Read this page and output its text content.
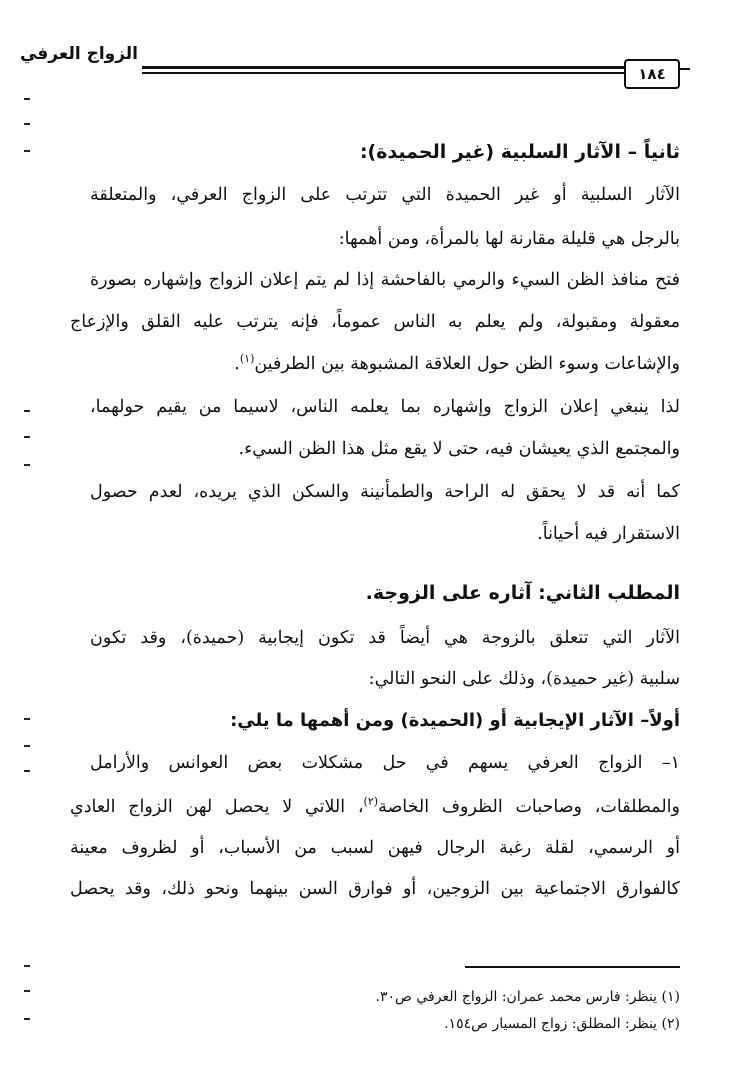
١٨٤
الزواج العرفي
ثانياً – الآثار السلبية (غير الحميدة):
الآثار السلبية أو غير الحميدة التي تترتب على الزواج العرفي، والمتعلقة
بالرجل هي قليلة مقارنة لها بالمرأة، ومن أهمها:
فتح منافذ الظن السيء والرمي بالفاحشة إذا لم يتم إعلان الزواج وإشهاره بصورة
معقولة ومقبولة، ولم يعلم به الناس عموماً، فإنه يترتب عليه القلق والإزعاج
والإشاعات وسوء الظن حول العلاقة المشبوهة بين الطرفين$^{(١)}$.
لذا ينبغي إعلان الزواج وإشهاره بما يعلمه الناس، لاسيما من يقيم حولهما،
والمجتمع الذي يعيشان فيه، حتى لا يقع مثل هذا الظن السيء.
كما أنه قد لا يحقق له الراحة والطمأنينة والسكن الذي يريده، لعدم حصول
الاستقرار فيه أحياناً.
المطلب الثاني: آثاره على الزوجة.
الآثار التي تتعلق بالزوجة هي أيضاً قد تكون إيجابية (حميدة)، وقد تكون
سلبية (غير حميدة)، وذلك على النحو التالي:
أولاً– الآثار الإيجابية أو (الحميدة) ومن أهمها ما يلي:
١– الزواج العرفي يسهم في حل مشكلات بعض العوانس والأرامل
والمطلقات، وصاحبات الظروف الخاصة$^{(٢)}$، اللاتي لا يحصل لهن الزواج العادي
أو الرسمي، لقلة رغبة الرجال فيهن لسبب من الأسباب، أو لظروف معينة
كالفوارق الاجتماعية بين الزوجين، أو فوارق السن بينهما ونحو ذلك، وقد يحصل
(١) ينظر: فارس محمد عمران: الزواج العرفي ص٣٠.
(٢) ينظر: المطلق: زواج المسيار ص١٥٤.
